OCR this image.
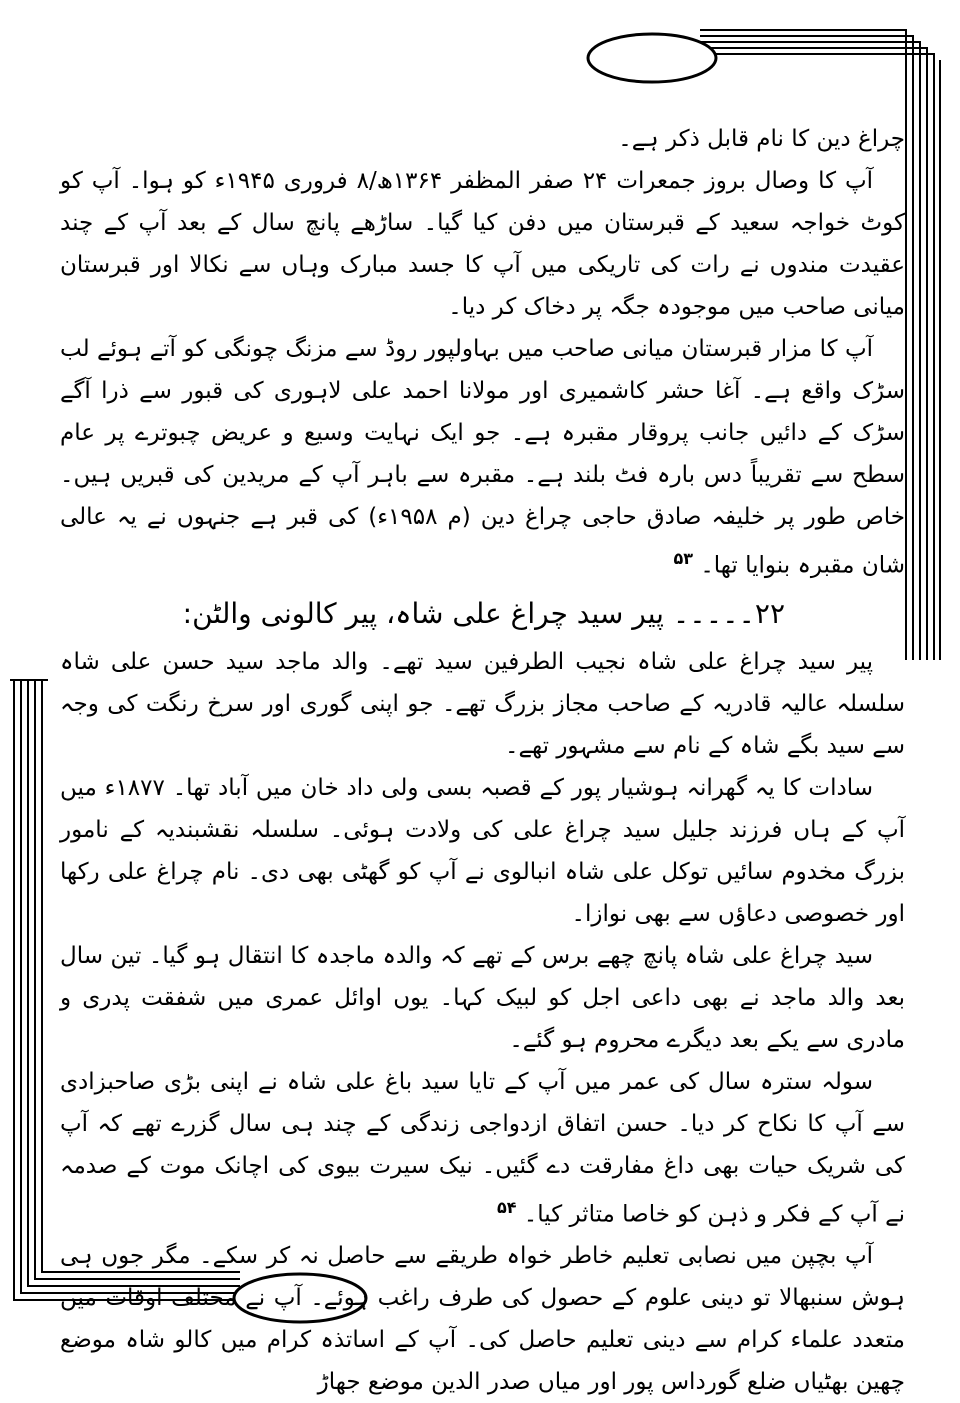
چراغ دین کا نام قابل ذکر ہے۔

آپ کا وصال بروز جمعرات ۲۴ صفر المظفر ۱۳۶۴ھ/۸ فروری ۱۹۴۵ء کو ہوا۔ آپ کو کوٹ خواجہ سعید کے قبرستان میں دفن کیا گیا۔ ساڑھے پانچ سال کے بعد آپ کے چند عقیدت مندوں نے رات کی تاریکی میں آپ کا جسد مبارک وہاں سے نکالا اور قبرستان میانی صاحب میں موجودہ جگہ پر دخاک کر دیا۔

آپ کا مزار قبرستان میانی صاحب میں بہاولپور روڈ سے مزنگ چونگی کو آتے ہوئے لب سڑک واقع ہے۔ آغا حشر کاشمیری اور مولانا احمد علی لاہوری کی قبور سے ذرا آگے سڑک کے دائیں جانب پروقار مقبرہ ہے۔ جو ایک نہایت وسیع و عریض چبوترے پر عام سطح سے تقریباً دس بارہ فٹ بلند ہے۔ مقبرہ سے باہر آپ کے مریدین کی قبریں ہیں۔ خاص طور پر خلیفہ صادق حاجی چراغ دین (م ۱۹۵۸ء) کی قبر ہے جنہوں نے یہ عالی شان مقبرہ بنوایا تھا۔ $^{۵۳}$

۲۲۔۔۔۔۔ پیر سید چراغ علی شاہ، پیر کالونی والٹن:

پیر سید چراغ علی شاہ نجیب الطرفین سید تھے۔ والد ماجد سید حسن علی شاہ سلسلہ عالیہ قادریہ کے صاحب مجاز بزرگ تھے۔ جو اپنی گوری اور سرخ رنگت کی وجہ سے سید بگے شاہ کے نام سے مشہور تھے۔

سادات کا یہ گھرانہ ہوشیار پور کے قصبہ بسی ولی داد خان میں آباد تھا۔ ۱۸۷۷ء میں آپ کے ہاں فرزند جلیل سید چراغ علی کی ولادت ہوئی۔ سلسلہ نقشبندیہ کے نامور بزرگ مخدوم سائیں توکل علی شاہ انبالوی نے آپ کو گھٹی بھی دی۔ نام چراغ علی رکھا اور خصوصی دعاؤں سے بھی نوازا۔

سید چراغ علی شاہ پانچ چھے برس کے تھے کہ والدہ ماجدہ کا انتقال ہو گیا۔ تین سال بعد والد ماجد نے بھی داعی اجل کو لبیک کہا۔ یوں اوائل عمری میں شفقت پدری و مادری سے یکے بعد دیگرے محروم ہو گئے۔

سولہ سترہ سال کی عمر میں آپ کے تایا سید باغ علی شاہ نے اپنی بڑی صاحبزادی سے آپ کا نکاح کر دیا۔ حسن اتفاق ازدواجی زندگی کے چند ہی سال گزرے تھے کہ آپ کی شریک حیات بھی داغ مفارقت دے گئیں۔ نیک سیرت بیوی کی اچانک موت کے صدمہ نے آپ کے فکر و ذہن کو خاصا متاثر کیا۔ $^{۵۴}$

آپ بچپن میں نصابی تعلیم خاطر خواہ طریقے سے حاصل نہ کر سکے۔ مگر جوں ہی ہوش سنبھالا تو دینی علوم کے حصول کی طرف راغب ہوئے۔ آپ نے مختلف اوقات میں متعدد علماء کرام سے دینی تعلیم حاصل کی۔ آپ کے اساتذہ کرام میں کالو شاہ موضع چھین بھٹیاں ضلع گورداس پور اور میاں صدر الدین موضع جھاڑ
